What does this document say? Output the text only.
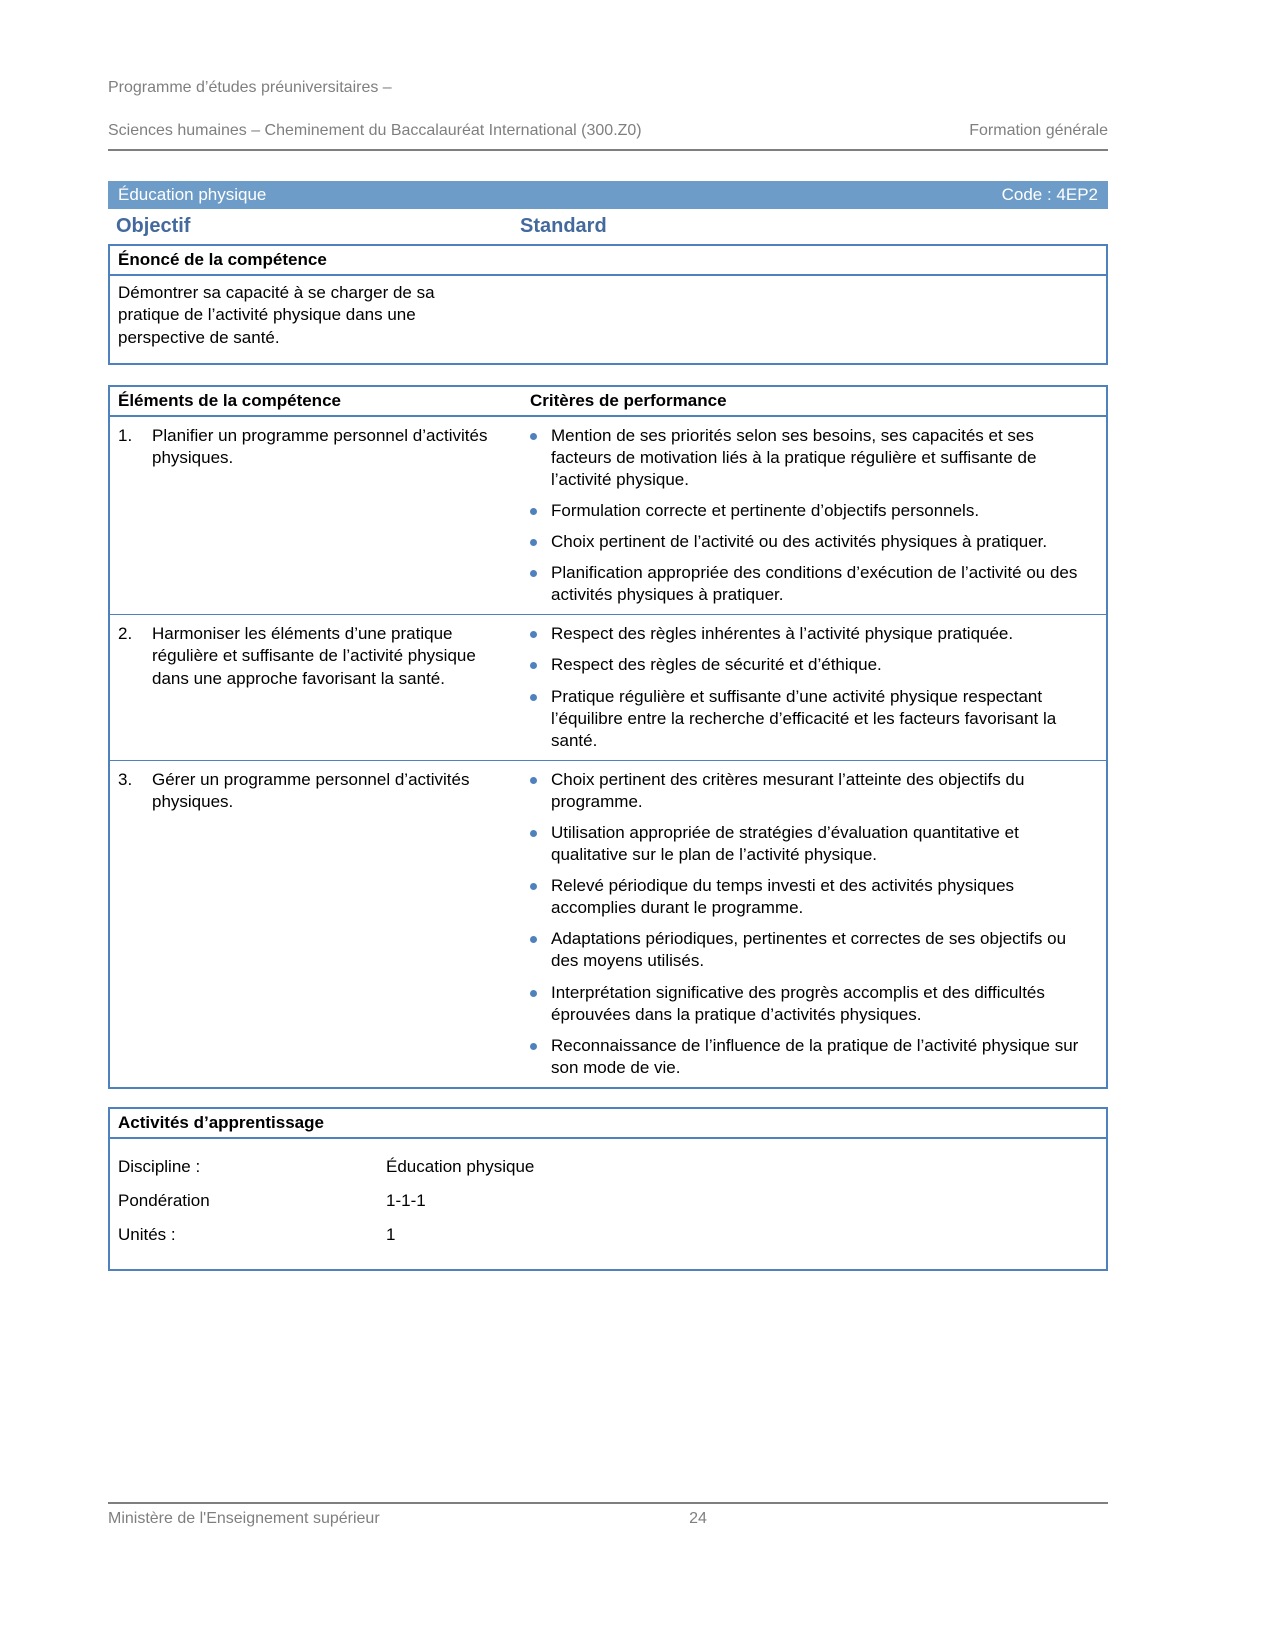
Programme d’études préuniversitaires –

Sciences humaines – Cheminement du Baccalauréat International (300.Z0)	Formation générale
Éducation physique	Code : 4EP2
Objectif	Standard
Énoncé de la compétence
Démontrer sa capacité à se charger de sa pratique de l’activité physique dans une perspective de santé.
Éléments de la compétence	Critères de performance
1.	Planifier un programme personnel d’activités physiques.
Mention de ses priorités selon ses besoins, ses capacités et ses facteurs de motivation liés à la pratique régulière et suffisante de l’activité physique.
Formulation correcte et pertinente d’objectifs personnels.
Choix pertinent de l’activité ou des activités physiques à pratiquer.
Planification appropriée des conditions d’exécution de l’activité ou des activités physiques à pratiquer.
2.	Harmoniser les éléments d’une pratique régulière et suffisante de l’activité physique dans une approche favorisant la santé.
Respect des règles inhérentes à l’activité physique pratiquée.
Respect des règles de sécurité et d’éthique.
Pratique régulière et suffisante d’une activité physique respectant l’équilibre entre la recherche d’efficacité et les facteurs favorisant la santé.
3.	Gérer un programme personnel d’activités physiques.
Choix pertinent des critères mesurant l’atteinte des objectifs du programme.
Utilisation appropriée de stratégies d’évaluation quantitative et qualitative sur le plan de l’activité physique.
Relevé périodique du temps investi et des activités physiques accomplies durant le programme.
Adaptations périodiques, pertinentes et correctes de ses objectifs ou des moyens utilisés.
Interprétation significative des progrès accomplis et des difficultés éprouvées dans la pratique d’activités physiques.
Reconnaissance de l’influence de la pratique de l’activité physique sur son mode de vie.
Activités d’apprentissage
Discipline :	Éducation physique
Pondération	1-1-1
Unités :	1
Ministère de l'Enseignement supérieur	24
